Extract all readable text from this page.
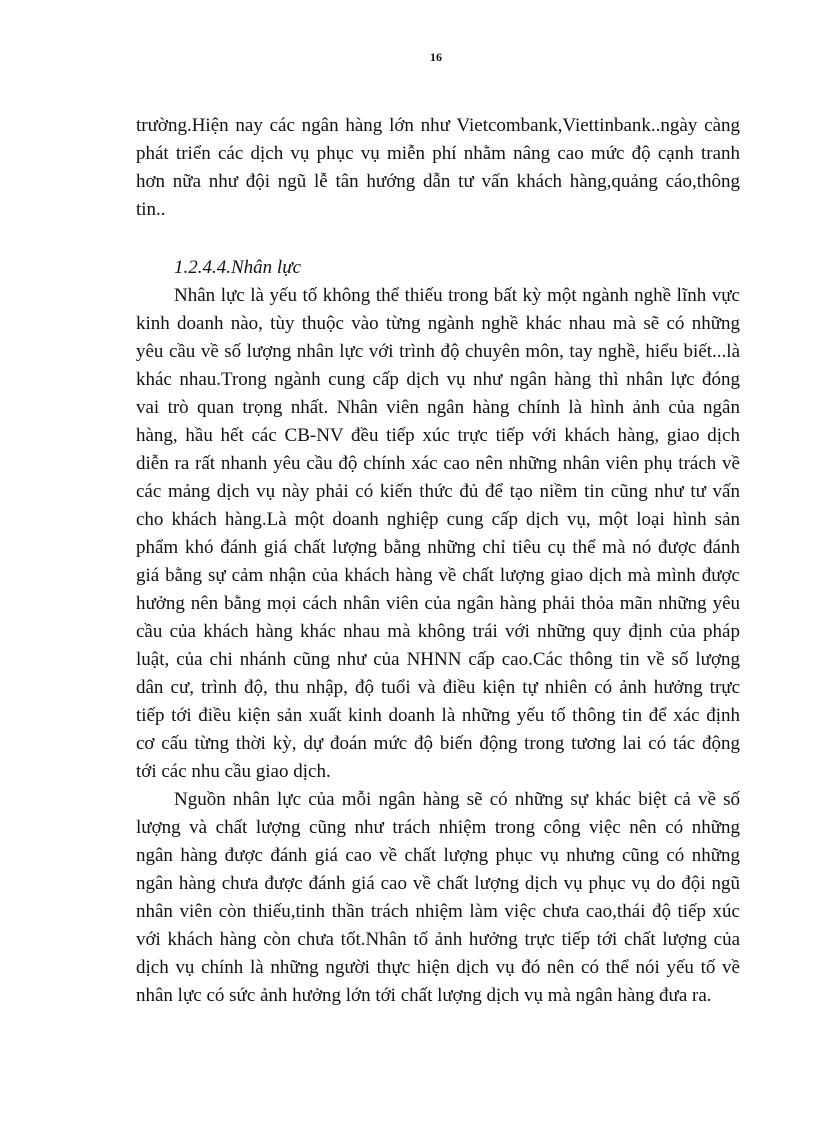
16
trường.Hiện nay các ngân hàng lớn như Vietcombank,Viettinbank..ngày càng
phát triển các dịch vụ phục vụ miễn phí nhằm nâng cao mức độ cạnh tranh
hơn nữa như đội ngũ lễ tân hướng dẫn tư vấn khách hàng,quảng cáo,thông
tin..
1.2.4.4.Nhân lực
Nhân lực là yếu tố không thể thiếu trong bất kỳ một ngành nghề lĩnh vực
kinh doanh nào, tùy thuộc vào từng ngành nghề khác nhau mà sẽ có những
yêu cầu về số lượng nhân lực với trình độ chuyên môn, tay nghề, hiểu biết...là
khác nhau.Trong ngành cung cấp dịch vụ như ngân hàng thì nhân lực đóng
vai trò quan trọng nhất. Nhân viên ngân hàng chính là hình ảnh của ngân
hàng, hầu hết các CB-NV đều tiếp xúc trực tiếp với khách hàng, giao dịch
diễn ra rất nhanh yêu cầu độ chính xác cao nên những nhân viên phụ trách về
các mảng dịch vụ này phải có kiến thức đủ để tạo niềm tin cũng như tư vấn
cho khách hàng.Là một doanh nghiệp cung cấp dịch vụ, một loại hình sản
phẩm khó đánh giá chất lượng bằng những chỉ tiêu cụ thể mà nó được đánh
giá bằng sự cảm nhận của khách hàng về chất lượng giao dịch mà mình được
hưởng nên bằng mọi cách nhân viên của ngân hàng phải thỏa mãn những yêu
cầu của khách hàng khác nhau mà không trái với những quy định của pháp
luật, của chi nhánh cũng như của NHNN cấp cao.Các thông tin về số lượng
dân cư, trình độ, thu nhập, độ tuổi và điều kiện tự nhiên có ảnh hưởng trực
tiếp tới điều kiện sản xuất kinh doanh là những yếu tố thông tin để xác định
cơ cấu từng thời kỳ, dự đoán mức độ biến động trong tương lai có tác động
tới các nhu cầu giao dịch.
Nguồn nhân lực của mỗi ngân hàng sẽ có những sự khác biệt cả về số
lượng và chất lượng cũng như trách nhiệm trong công việc nên có những
ngân hàng được đánh giá cao về chất lượng phục vụ nhưng cũng có những
ngân hàng chưa được đánh giá cao về chất lượng dịch vụ phục vụ do đội ngũ
nhân viên còn thiếu,tinh thần trách nhiệm làm việc chưa cao,thái độ tiếp xúc
với khách hàng còn chưa tốt.Nhân tố ảnh hưởng trực tiếp tới chất lượng của
dịch vụ chính là những người thực hiện dịch vụ đó nên có thể nói yếu tố về
nhân lực có sức ảnh hưởng lớn tới chất lượng dịch vụ mà ngân hàng đưa ra.
